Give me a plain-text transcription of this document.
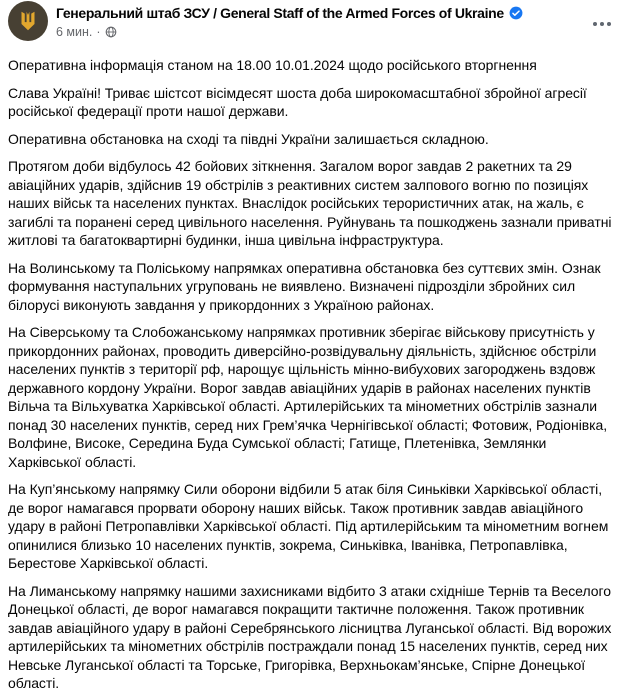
Генеральний штаб ЗСУ / General Staff of the Armed Forces of Ukraine
6 мин. ·

Оперативна інформація станом на 18.00 10.01.2024 щодо російського вторгнення

Слава Україні! Триває шістсот вісімдесят шоста доба широкомасштабної збройної агресії російської федерації проти нашої держави.

Оперативна обстановка на сході та півдні України залишається складною.

Протягом доби відбулось 42 бойових зіткнення. Загалом ворог завдав 2 ракетних та 29 авіаційних ударів, здійснив 19 обстрілів з реактивних систем залпового вогню по позиціях наших військ та населених пунктах. Внаслідок російських терористичних атак, на жаль, є загиблі та поранені серед цивільного населення. Руйнувань та пошкоджень зазнали приватні житлові та багатоквартирні будинки, інша цивільна інфраструктура.

На Волинському та Поліському напрямках оперативна обстановка без суттєвих змін. Ознак формування наступальних угруповань не виявлено. Визначені підрозділи збройних сил білорусі виконують завдання у прикордонних з Україною районах.

На Сіверському та Слобожанському напрямках противник зберігає військову присутність у прикордонних районах, проводить диверсійно-розвідувальну діяльність, здійснює обстріли населених пунктів з території рф, нарощує щільність мінно-вибухових загороджень вздовж державного кордону України. Ворог завдав авіаційних ударів в районах населених пунктів Вільча та Вільхуватка Харківської області. Артилерійських та мінометних обстрілів зазнали понад 30 населених пунктів, серед них Грем’ячка Чернігівської області; Фотовиж, Родіонівка, Волфине, Високе, Середина Буда Сумської області; Гатище, Плетенівка, Землянки Харківської області.

На Куп’янському напрямку Сили оборони відбили 5 атак біля Синьківки Харківської області, де ворог намагався прорвати оборону наших військ. Також противник завдав авіаційного удару в районі Петропавлівки Харківської області. Під артилерійським та мінометним вогнем опинилися близько 10 населених пунктів, зокрема, Синьківка, Іванівка, Петропавлівка, Берестове Харківської області.

На Лиманському напрямку нашими захисниками відбито 3 атаки східніше Тернів та Веселого Донецької області, де ворог намагався покращити тактичне положення. Також противник завдав авіаційного удару в районі Серебрянського лісництва Луганської області. Від ворожих артилерійських та мінометних обстрілів постраждали понад 15 населених пунктів, серед них Невське Луганської області та Торське, Григорівка, Верхньокам’янське, Спірне Донецької області.
